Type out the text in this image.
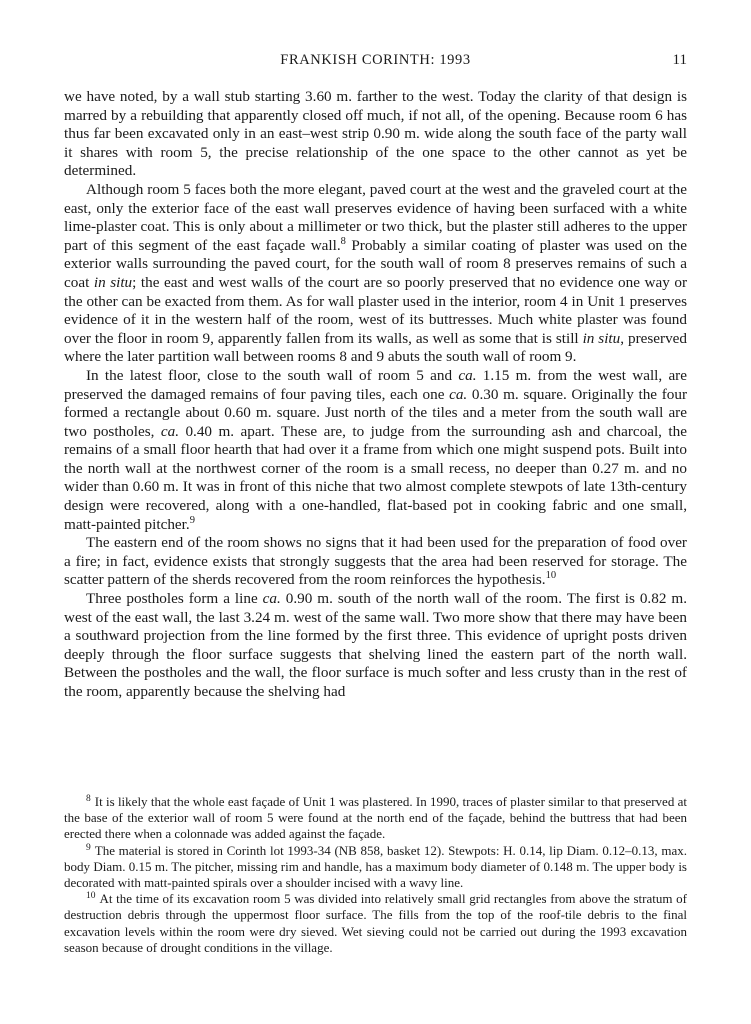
FRANKISH CORINTH: 1993	11

we have noted, by a wall stub starting 3.60 m. farther to the west. Today the clarity of that design is marred by a rebuilding that apparently closed off much, if not all, of the opening. Because room 6 has thus far been excavated only in an east–west strip 0.90 m. wide along the south face of the party wall it shares with room 5, the precise relationship of the one space to the other cannot as yet be determined.

Although room 5 faces both the more elegant, paved court at the west and the graveled court at the east, only the exterior face of the east wall preserves evidence of having been surfaced with a white lime-plaster coat. This is only about a millimeter or two thick, but the plaster still adheres to the upper part of this segment of the east façade wall.$^8$ Probably a similar coating of plaster was used on the exterior walls surrounding the paved court, for the south wall of room 8 preserves remains of such a coat in situ; the east and west walls of the court are so poorly preserved that no evidence one way or the other can be exacted from them. As for wall plaster used in the interior, room 4 in Unit 1 preserves evidence of it in the western half of the room, west of its buttresses. Much white plaster was found over the floor in room 9, apparently fallen from its walls, as well as some that is still in situ, preserved where the later partition wall between rooms 8 and 9 abuts the south wall of room 9.

In the latest floor, close to the south wall of room 5 and ca. 1.15 m. from the west wall, are preserved the damaged remains of four paving tiles, each one ca. 0.30 m. square. Originally the four formed a rectangle about 0.60 m. square. Just north of the tiles and a meter from the south wall are two postholes, ca. 0.40 m. apart. These are, to judge from the surrounding ash and charcoal, the remains of a small floor hearth that had over it a frame from which one might suspend pots. Built into the north wall at the northwest corner of the room is a small recess, no deeper than 0.27 m. and no wider than 0.60 m. It was in front of this niche that two almost complete stewpots of late 13th-century design were recovered, along with a one-handled, flat-based pot in cooking fabric and one small, matt-painted pitcher.$^9$

The eastern end of the room shows no signs that it had been used for the preparation of food over a fire; in fact, evidence exists that strongly suggests that the area had been reserved for storage. The scatter pattern of the sherds recovered from the room reinforces the hypothesis.$^{10}$

Three postholes form a line ca. 0.90 m. south of the north wall of the room. The first is 0.82 m. west of the east wall, the last 3.24 m. west of the same wall. Two more show that there may have been a southward projection from the line formed by the first three. This evidence of upright posts driven deeply through the floor surface suggests that shelving lined the eastern part of the north wall. Between the postholes and the wall, the floor surface is much softer and less crusty than in the rest of the room, apparently because the shelving had

$^8$ It is likely that the whole east façade of Unit 1 was plastered. In 1990, traces of plaster similar to that preserved at the base of the exterior wall of room 5 were found at the north end of the façade, behind the buttress that had been erected there when a colonnade was added against the façade.

$^9$ The material is stored in Corinth lot 1993-34 (NB 858, basket 12). Stewpots: H. 0.14, lip Diam. 0.12–0.13, max. body Diam. 0.15 m. The pitcher, missing rim and handle, has a maximum body diameter of 0.148 m. The upper body is decorated with matt-painted spirals over a shoulder incised with a wavy line.

$^{10}$ At the time of its excavation room 5 was divided into relatively small grid rectangles from above the stratum of destruction debris through the uppermost floor surface. The fills from the top of the roof-tile debris to the final excavation levels within the room were dry sieved. Wet sieving could not be carried out during the 1993 excavation season because of drought conditions in the village.
